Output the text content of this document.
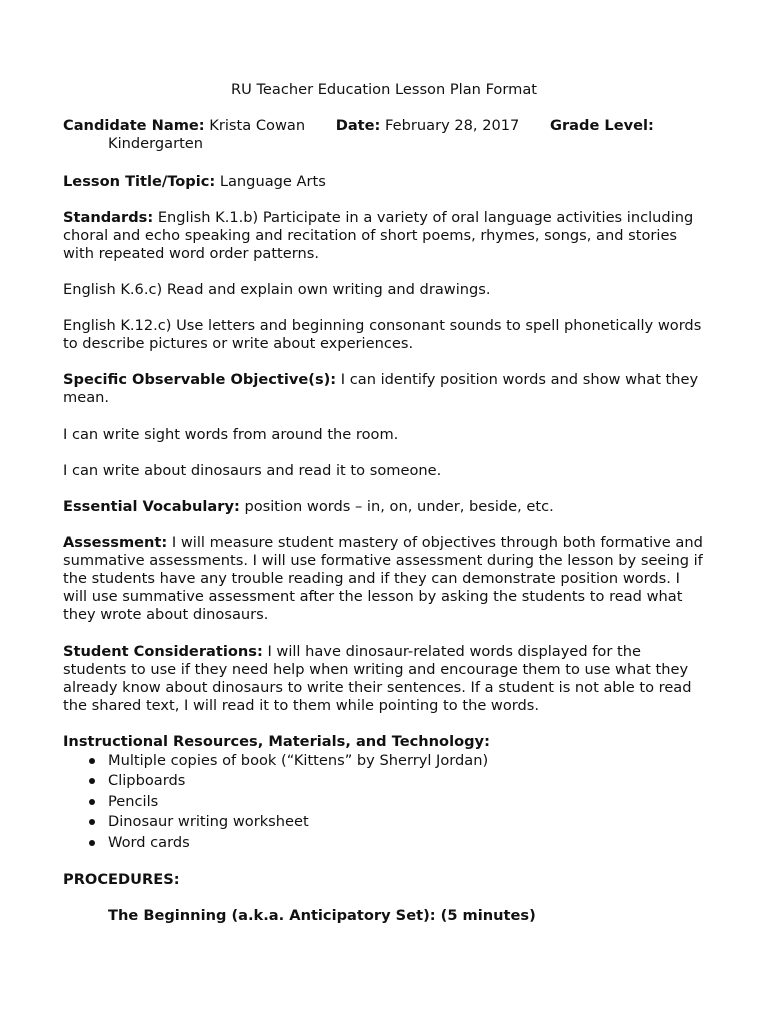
RU Teacher Education Lesson Plan Format

Candidate Name: Krista Cowan Date: February 28, 2017 Grade Level:
Kindergarten

Lesson Title/Topic: Language Arts

Standards: English K.1.b) Participate in a variety of oral language activities including choral and echo speaking and recitation of short poems, rhymes, songs, and stories with repeated word order patterns.

English K.6.c) Read and explain own writing and drawings.

English K.12.c) Use letters and beginning consonant sounds to spell phonetically words to describe pictures or write about experiences.

Specific Observable Objective(s): I can identify position words and show what they mean.

I can write sight words from around the room.

I can write about dinosaurs and read it to someone.

Essential Vocabulary: position words – in, on, under, beside, etc.

Assessment: I will measure student mastery of objectives through both formative and summative assessments. I will use formative assessment during the lesson by seeing if the students have any trouble reading and if they can demonstrate position words. I will use summative assessment after the lesson by asking the students to read what they wrote about dinosaurs.

Student Considerations: I will have dinosaur-related words displayed for the students to use if they need help when writing and encourage them to use what they already know about dinosaurs to write their sentences. If a student is not able to read the shared text, I will read it to them while pointing to the words.

Instructional Resources, Materials, and Technology:

Multiple copies of book (“Kittens” by Sherryl Jordan)
Clipboards
Pencils
Dinosaur writing worksheet
Word cards
PROCEDURES:
The Beginning (a.k.a. Anticipatory Set): (5 minutes)
